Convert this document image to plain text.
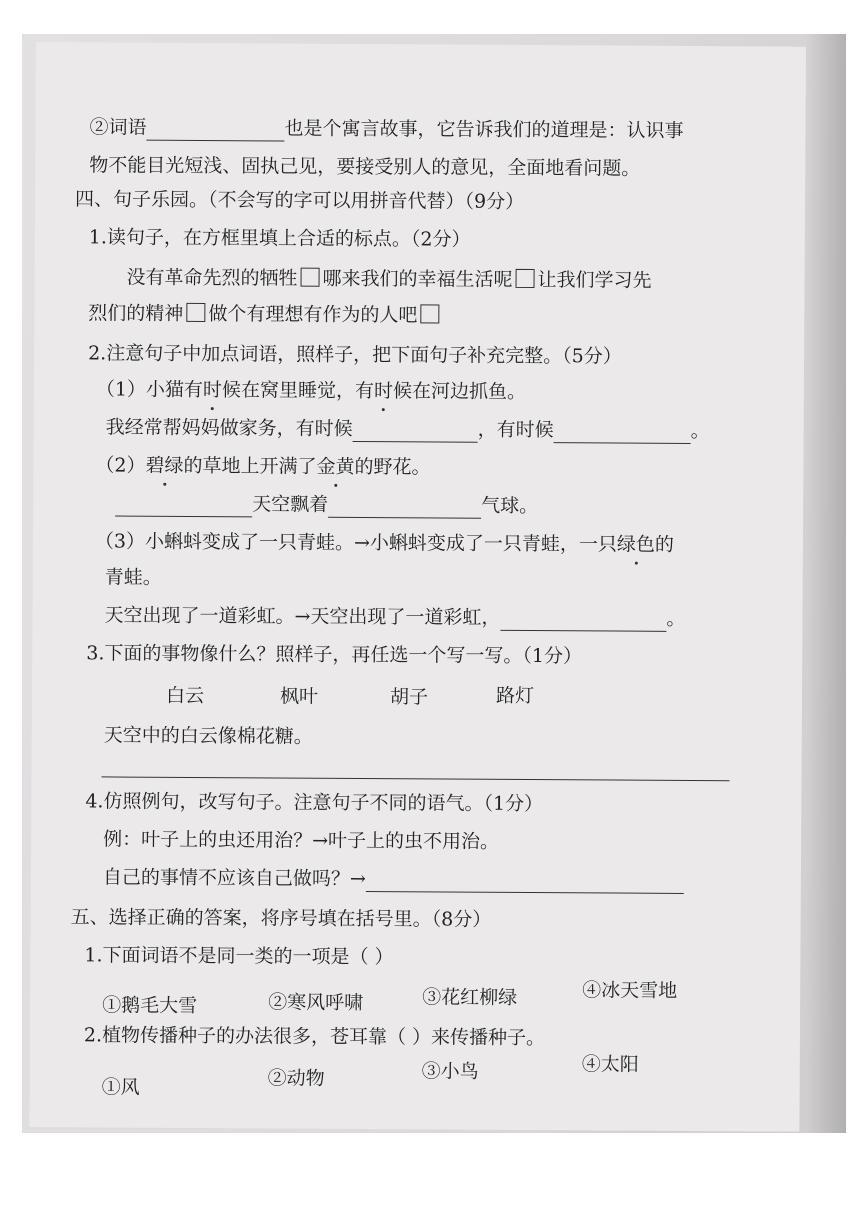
②词语	也是个寓言故事，它告诉我们的道理是：认识事
物不能目光短浅、固执己见，要接受别人的意见，全面地看问题。
四、句子乐园。（不会写的字可以用拼音代替）（9分）
1.读句子，在方框里填上合适的标点。（2分）
没有革命先烈的牺牲 哪来我们的幸福生活呢 让我们学习先
烈们的精神 做个有理想有作为的人吧
2.注意句子中加点词语，照样子，把下面句子补充完整。（5分）
（1）小猫有时候在窝里睡觉，有时候在河边抓鱼。
我经常帮妈妈做家务，有时候	，有时候	。
（2）碧绿的草地上开满了金黄的野花。
天空飘着	气球。
（3）小蝌蚪变成了一只青蛙。→小蝌蚪变成了一只青蛙，一只绿色的
青蛙。
天空出现了一道彩虹。→天空出现了一道彩虹，	。
3.下面的事物像什么？照样子，再任选一个写一写。（1分）
白云	枫叶	胡子	路灯
天空中的白云像棉花糖。
4.仿照例句，改写句子。注意句子不同的语气。（1分）
例：叶子上的虫还用治？→叶子上的虫不用治。
自己的事情不应该自己做吗？→
五、选择正确的答案，将序号填在括号里。（8分）
1.下面词语不是同一类的一项是（ ）
①鹅毛大雪	②寒风呼啸	③花红柳绿	④冰天雪地
2.植物传播种子的办法很多，苍耳靠（ ）来传播种子。
①风	②动物	③小鸟	④太阳
